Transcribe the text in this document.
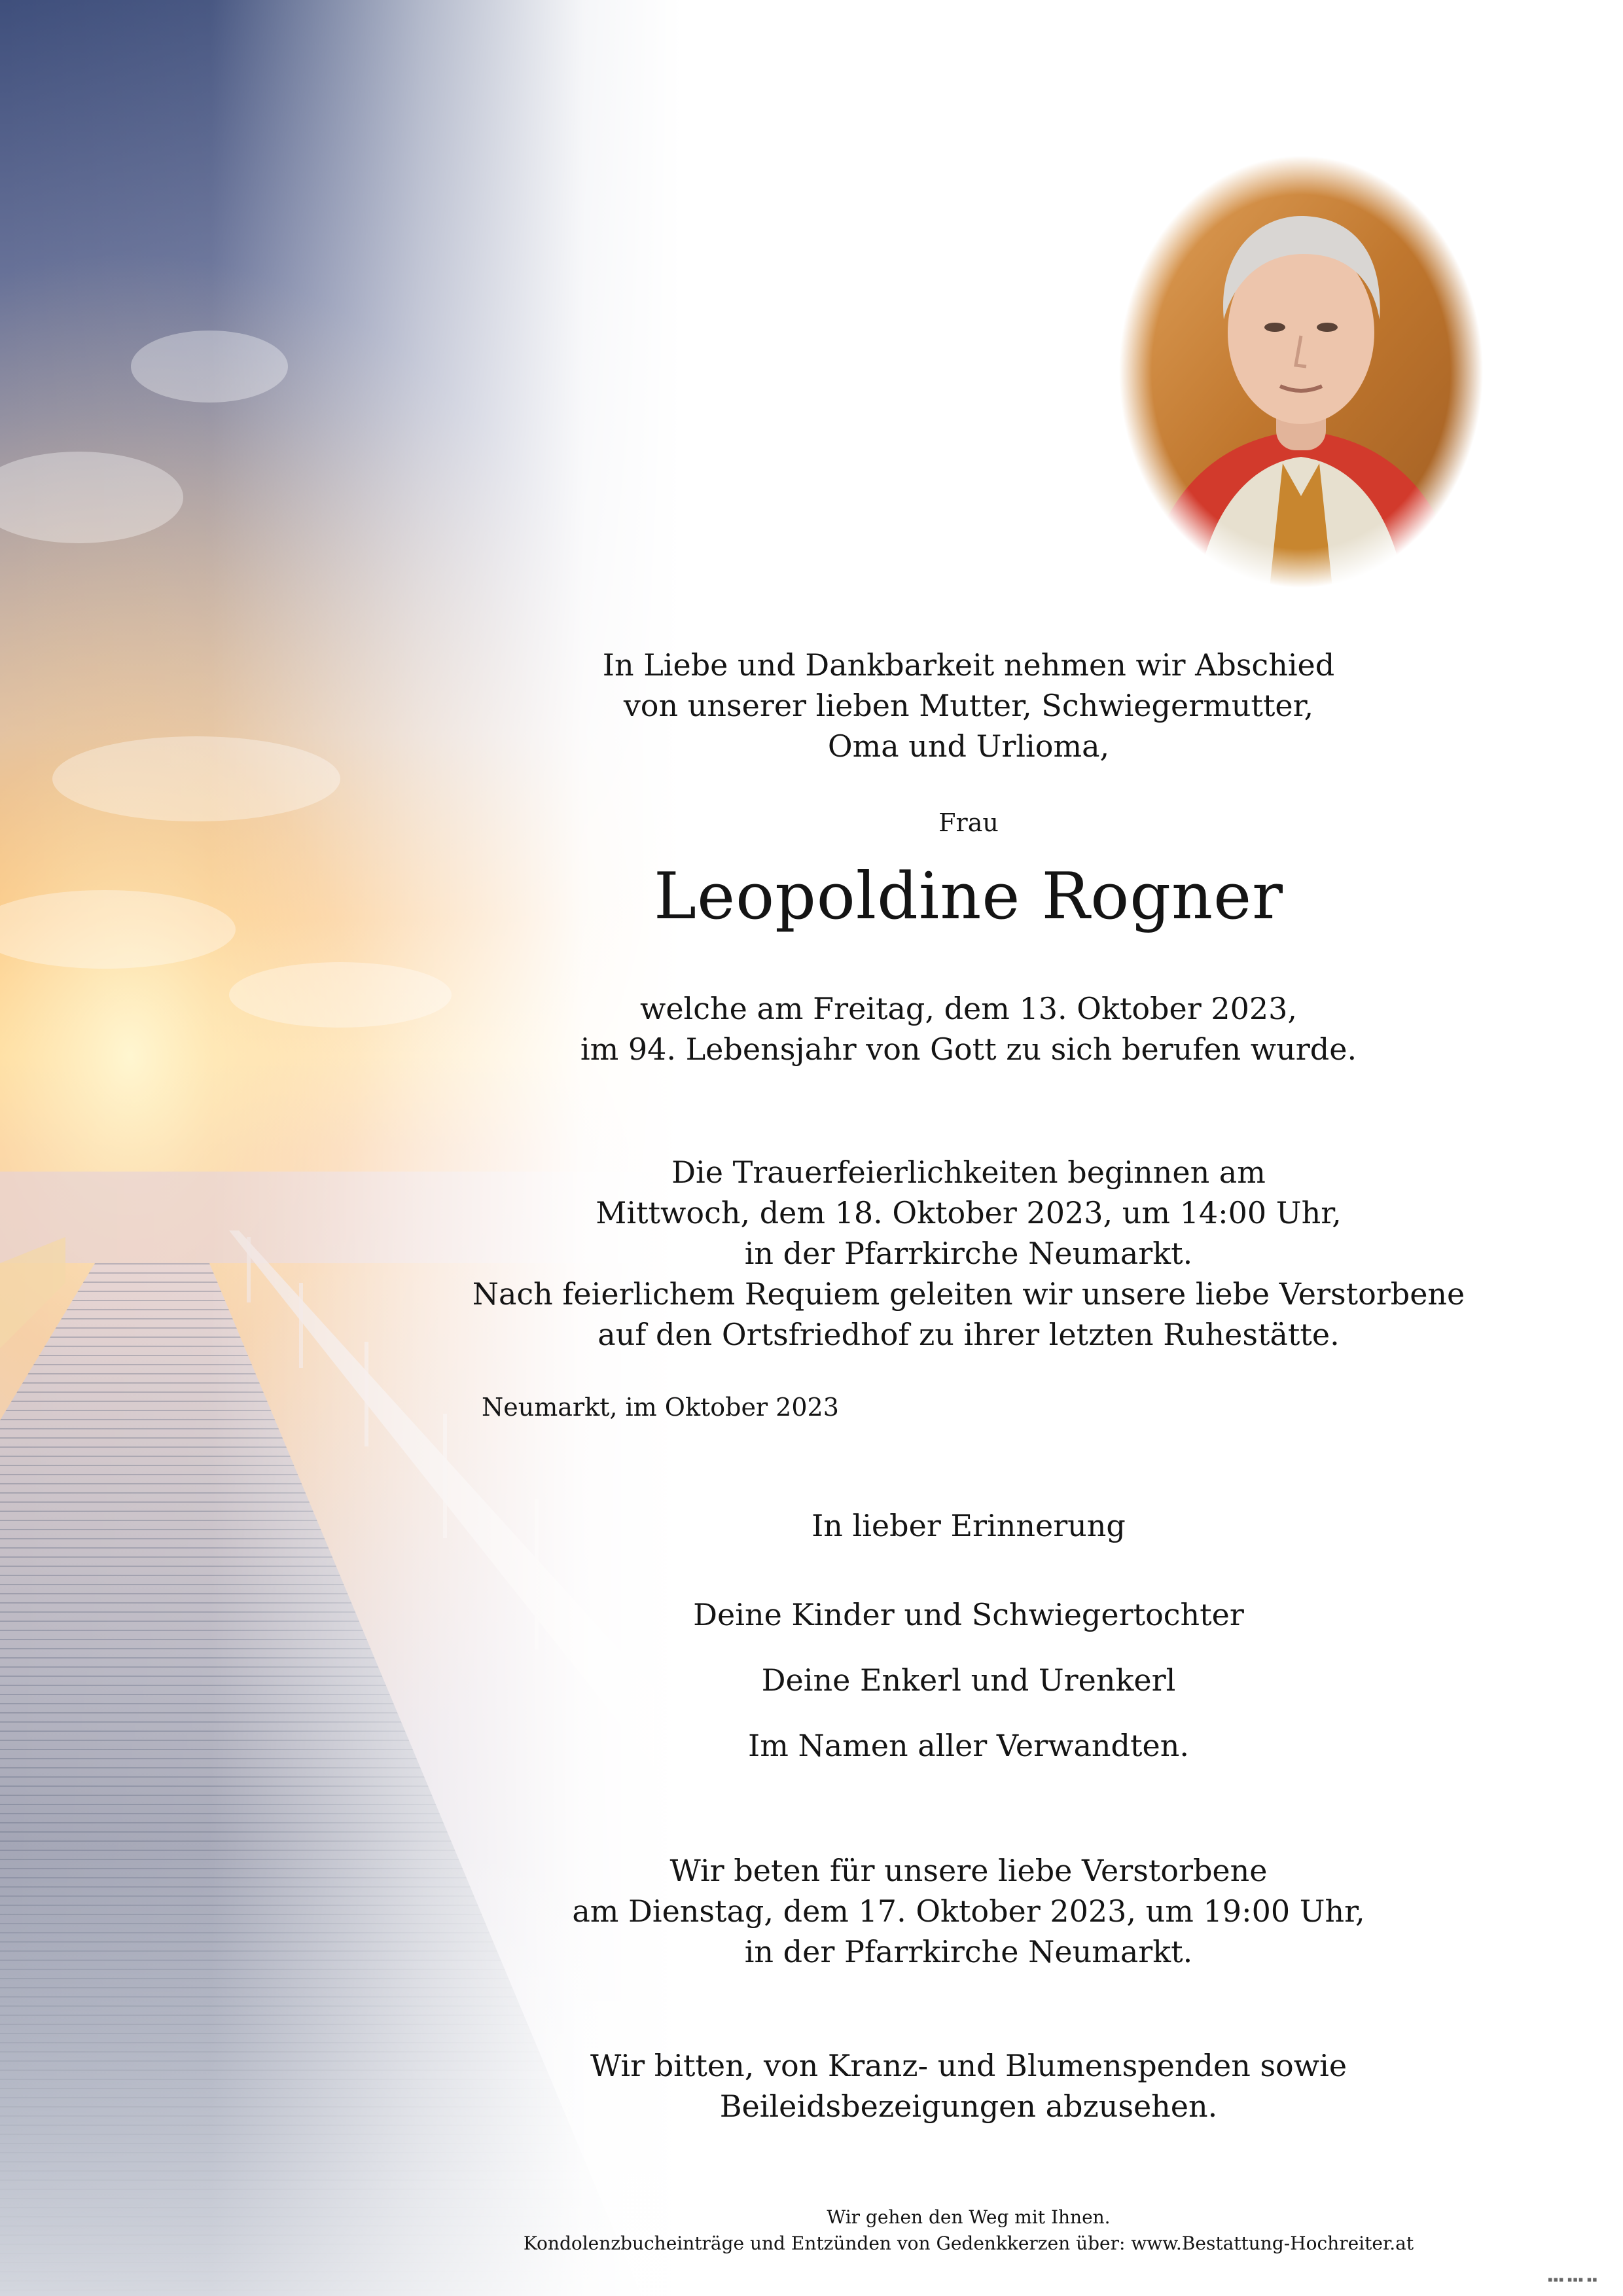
In Liebe und Dankbarkeit nehmen wir Abschied
von unserer lieben Mutter, Schwiegermutter,
Oma und Urlioma,
Frau
Leopoldine Rogner
welche am Freitag, dem 13. Oktober 2023,
im 94. Lebensjahr von Gott zu sich berufen wurde.
Die Trauerfeierlichkeiten beginnen am
Mittwoch, dem 18. Oktober 2023, um 14:00 Uhr,
in der Pfarrkirche Neumarkt.
Nach feierlichem Requiem geleiten wir unsere liebe Verstorbene
auf den Ortsfriedhof zu ihrer letzten Ruhestätte.
Neumarkt, im Oktober 2023
In lieber Erinnerung
Deine Kinder und Schwiegertochter
Deine Enkerl und Urenkerl
Im Namen aller Verwandten.
Wir beten für unsere liebe Verstorbene
am Dienstag, dem 17. Oktober 2023, um 19:00 Uhr,
in der Pfarrkirche Neumarkt.
Wir bitten, von Kranz- und Blumenspenden sowie
Beileidsbezeigungen abzusehen.
Wir gehen den Weg mit Ihnen.
Kondolenzbucheinträge und Entzünden von Gedenkkerzen über: www.Bestattung-Hochreiter.at
▪▪▪ ▪▪▪ ▪▪
